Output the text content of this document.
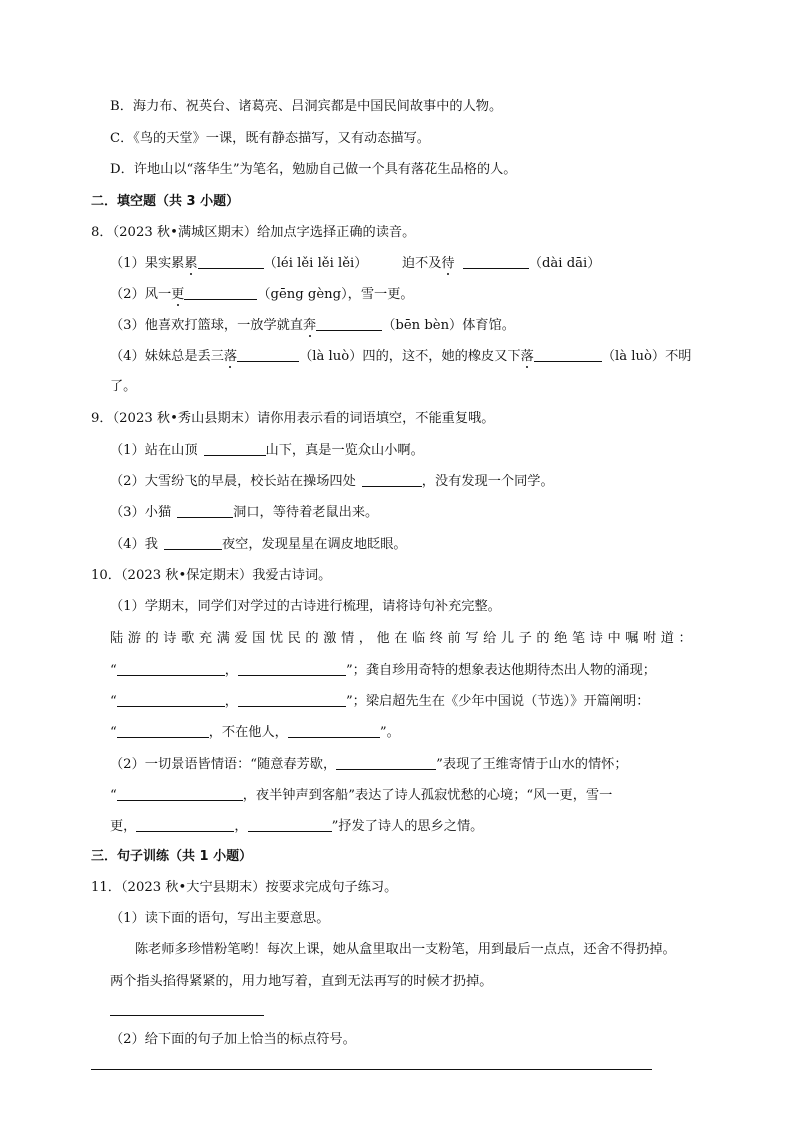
B．海力布、祝英台、诸葛亮、吕洞宾都是中国民间故事中的人物。
C．《鸟的天堂》一课，既有静态描写，又有动态描写。
D．许地山以“落华生”为笔名，勉励自己做一个具有落花生品格的人。
二．填空题（共 3 小题）
8．（2023 秋•满城区期末）给加点字选择正确的读音。
（1）果实累累	（léi lěi lěi lěi）	迫不及待	（dài dāi）
（2）风一更	（gēng gèng），雪一更。
（3）他喜欢打篮球，一放学就直奔	（bēn bèn）体育馆。
（4）妹妹总是丢三落	（là luò）四的，这不，她的橡皮又下落	（là luò）不明
了。
9．（2023 秋•秀山县期末）请你用表示看的词语填空，不能重复哦。
（1）站在山顶	山下，真是一览众山小啊。
（2）大雪纷飞的早晨，校长站在操场四处	，没有发现一个同学。
（3）小猫	洞口，等待着老鼠出来。
（4）我	夜空，发现星星在调皮地眨眼。
10．（2023 秋•保定期末）我爱古诗词。
（1）学期末，同学们对学过的古诗进行梳理，请将诗句补充完整。
陆 游 的 诗 歌 充 满 爱 国 忧 民 的 激 情 ， 他 在 临 终 前 写 给 儿 子 的 绝 笔 诗 中 嘱 咐 道 ：
“	，	”；龚自珍用奇特的想象表达他期待杰出人物的涌现；
“	，	”；梁启超先生在《少年中国说（节选）》开篇阐明：
“	，不在他人，	”。
（2）一切景语皆情语：“随意春芳歇，	”表现了王维寄情于山水的情怀；
“	，夜半钟声到客船”表达了诗人孤寂忧愁的心境；“风一更，雪一
更，	，	”抒发了诗人的思乡之情。
三．句子训练（共 1 小题）
11．（2023 秋•大宁县期末）按要求完成句子练习。
（1）读下面的语句，写出主要意思。
陈老师多珍惜粉笔哟！每次上课，她从盒里取出一支粉笔，用到最后一点点，还舍不得扔掉。
两个指头掐得紧紧的，用力地写着，直到无法再写的时候才扔掉。
（2）给下面的句子加上恰当的标点符号。
